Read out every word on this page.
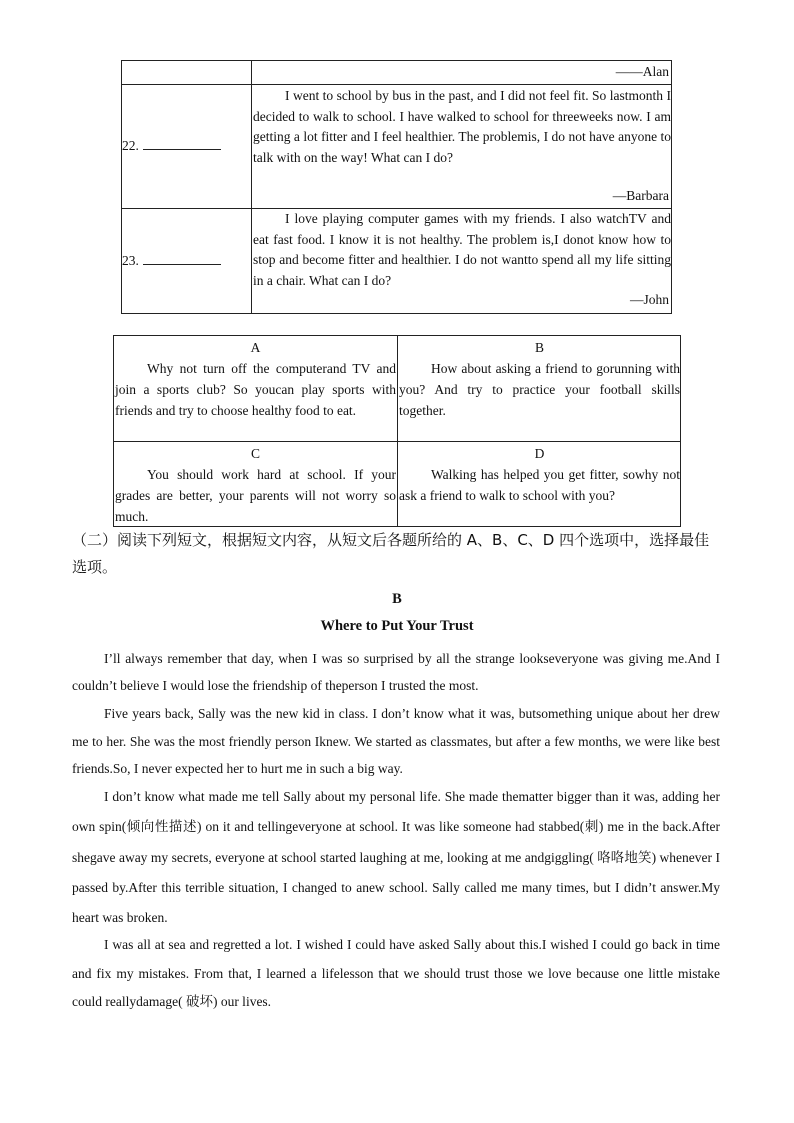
——Alan
22.

I went to school by bus in the past, and I did not feel fit. So lastmonth I decided to walk to school. I have walked to school for threeweeks now. I am getting a lot fitter and I feel healthier. The problemis, I do not have anyone to talk with on the way! What can I do?

—Barbara
23.

I love playing computer games with my friends. I also watchTV and eat fast food. I know it is not healthy. The problem is,I donot know how to stop and become fitter and healthier. I do not wantto spend all my life sitting in a chair. What can I do?

—John
A

Why not turn off the computerand TV and join a sports club? So youcan play sports with friends and try to choose healthy food to eat.

B

How about asking a friend to gorunning with you? And try to practice your football skills together.

C

You should work hard at school. If your grades are better, your parents will not worry so much.

D

Walking has helped you get fitter, sowhy not ask a friend to walk to school with you?

（二）阅读下列短文，根据短文内容，从短文后各题所给的 A、B、C、D 四个选项中，选择最佳选项。
B
Where to Put Your Trust

I’ll always remember that day, when I was so surprised by all the strange lookseveryone was giving me.And I couldn’t believe I would lose the friendship of theperson I trusted the most.

Five years back, Sally was the new kid in class. I don’t know what it was, butsomething unique about her drew me to her. She was the most friendly person Iknew. We started as classmates, but after a few months, we were like best friends.So, I never expected her to hurt me in such a big way.

I don’t know what made me tell Sally about my personal life. She made thematter bigger than it was, adding her own spin(倾向性描述) on it and tellingeveryone at school. It was like someone had stabbed(刺) me in the back.After shegave away my secrets, everyone at school started laughing at me, looking at me andgiggling( 咯咯地笑) whenever I passed by.After this terrible situation, I changed to anew school. Sally called me many times, but I didn’t answer.My heart was broken.

I was all at sea and regretted a lot. I wished I could have asked Sally about this.I wished I could go back in time and fix my mistakes. From that, I learned a lifelesson that we should trust those we love because one little mistake could reallydamage( 破坏) our lives.
